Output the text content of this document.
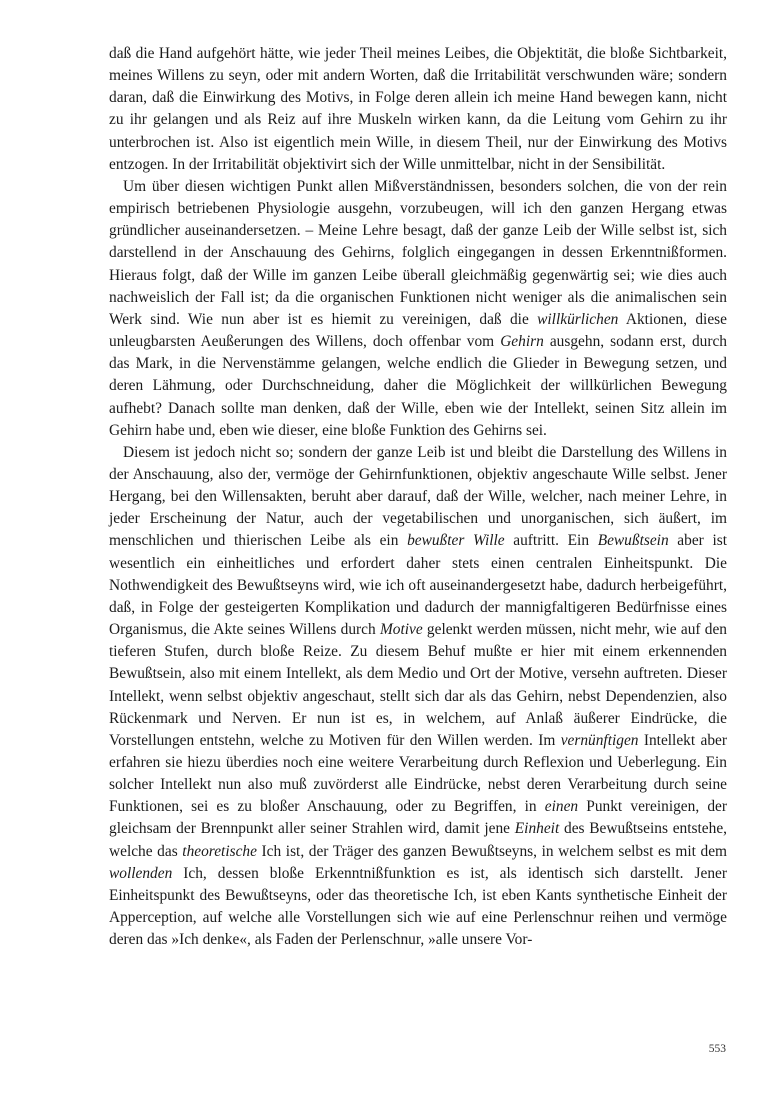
daß die Hand aufgehört hätte, wie jeder Theil meines Leibes, die Objektität, die bloße Sichtbarkeit, meines Willens zu seyn, oder mit andern Worten, daß die Irritabilität verschwunden wäre; sondern daran, daß die Einwirkung des Motivs, in Folge deren allein ich meine Hand bewegen kann, nicht zu ihr gelangen und als Reiz auf ihre Muskeln wirken kann, da die Leitung vom Gehirn zu ihr unterbrochen ist. Also ist eigentlich mein Wille, in diesem Theil, nur der Einwirkung des Motivs entzogen. In der Irritabilität objektivirt sich der Wille unmittelbar, nicht in der Sensibilität.

Um über diesen wichtigen Punkt allen Mißverständnissen, besonders solchen, die von der rein empirisch betriebenen Physiologie ausgehn, vorzubeugen, will ich den ganzen Hergang etwas gründlicher auseinandersetzen. – Meine Lehre besagt, daß der ganze Leib der Wille selbst ist, sich darstellend in der Anschauung des Gehirns, folglich eingegangen in dessen Erkenntnißformen. Hieraus folgt, daß der Wille im ganzen Leibe überall gleichmäßig gegenwärtig sei; wie dies auch nachweislich der Fall ist; da die organischen Funktionen nicht weniger als die animalischen sein Werk sind. Wie nun aber ist es hiemit zu vereinigen, daß die willkürlichen Aktionen, diese unleugbarsten Aeußerungen des Willens, doch offenbar vom Gehirn ausgehn, sodann erst, durch das Mark, in die Nervenstämme gelangen, welche endlich die Glieder in Bewegung setzen, und deren Lähmung, oder Durchschneidung, daher die Möglichkeit der willkürlichen Bewegung aufhebt? Danach sollte man denken, daß der Wille, eben wie der Intellekt, seinen Sitz allein im Gehirn habe und, eben wie dieser, eine bloße Funktion des Gehirns sei.

Diesem ist jedoch nicht so; sondern der ganze Leib ist und bleibt die Darstellung des Willens in der Anschauung, also der, vermöge der Gehirnfunktionen, objektiv angeschaute Wille selbst. Jener Hergang, bei den Willensakten, beruht aber darauf, daß der Wille, welcher, nach meiner Lehre, in jeder Erscheinung der Natur, auch der vegetabilischen und unorganischen, sich äußert, im menschlichen und thierischen Leibe als ein bewußter Wille auftritt. Ein Bewußtsein aber ist wesentlich ein einheitliches und erfordert daher stets einen centralen Einheitspunkt. Die Nothwendigkeit des Bewußtseyns wird, wie ich oft auseinandergesetzt habe, dadurch herbeigeführt, daß, in Folge der gesteigerten Komplikation und dadurch der mannigfaltigeren Bedürfnisse eines Organismus, die Akte seines Willens durch Motive gelenkt werden müssen, nicht mehr, wie auf den tieferen Stufen, durch bloße Reize. Zu diesem Behuf mußte er hier mit einem erkennenden Bewußtsein, also mit einem Intellekt, als dem Medio und Ort der Motive, versehn auftreten. Dieser Intellekt, wenn selbst objektiv angeschaut, stellt sich dar als das Gehirn, nebst Dependenzien, also Rückenmark und Nerven. Er nun ist es, in welchem, auf Anlaß äußerer Eindrücke, die Vorstellungen entstehn, welche zu Motiven für den Willen werden. Im vernünftigen Intellekt aber erfahren sie hiezu überdies noch eine weitere Verarbeitung durch Reflexion und Ueberlegung. Ein solcher Intellekt nun also muß zuvörderst alle Eindrücke, nebst deren Verarbeitung durch seine Funktionen, sei es zu bloßer Anschauung, oder zu Begriffen, in einen Punkt vereinigen, der gleichsam der Brennpunkt aller seiner Strahlen wird, damit jene Einheit des Bewußtseins entstehe, welche das theoretische Ich ist, der Träger des ganzen Bewußtseyns, in welchem selbst es mit dem wollenden Ich, dessen bloße Erkenntnißfunktion es ist, als identisch sich darstellt. Jener Einheitspunkt des Bewußtseyns, oder das theoretische Ich, ist eben Kants synthetische Einheit der Apperception, auf welche alle Vorstellungen sich wie auf eine Perlenschnur reihen und vermöge deren das »Ich denke«, als Faden der Perlenschnur, »alle unsere Vor-

553
